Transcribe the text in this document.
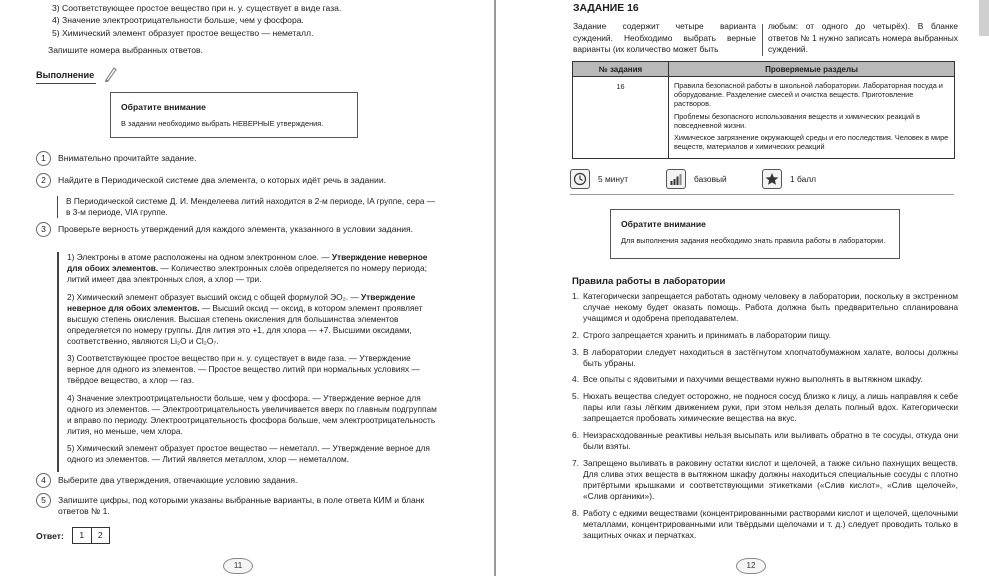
3) Соответствующее простое вещество при н. у. существует в виде газа.
4) Значение электроотрицательности больше, чем у фосфора.
5) Химический элемент образует простое вещество — неметалл.
Запишите номера выбранных ответов.
Выполнение
Обратите внимание
В задании необходимо выбрать НЕВЕРНЫЕ утверждения.
1	Внимательно прочитайте задание.
2	Найдите в Периодической системе два элемента, о которых идёт речь в задании.
В Периодической системе Д. И. Менделеева литий находится в 2-м периоде, IA группе, сера — в 3-м периоде, VIA группе.
3	Проверьте верность утверждений для каждого элемента, указанного в условии задания.

1) Электроны в атоме расположены на одном электронном слое. — Утверждение неверное для обоих элементов. — Количество электронных слоёв определяется по номеру периода; литий имеет два электронных слоя, а хлор — три.

2) Химический элемент образует высший оксид с общей формулой ЭО₂. — Утверждение неверное для обоих элементов. — Высший оксид — оксид, в котором элемент проявляет высшую степень окисления. Высшая степень окисления для большинства элементов определяется по номеру группы. Для лития это +1, для хлора — +7. Высшими оксидами, соответственно, являются Li₂O и Cl₂O₇.

3) Соответствующее простое вещество при н. у. существует в виде газа. — Утверждение верное для одного из элементов. — Простое вещество литий при нормальных условиях — твёрдое вещество, а хлор — газ.

4) Значение электроотрицательности больше, чем у фосфора. — Утверждение верное для одного из элементов. — Электроотрицательность увеличивается вверх по главным подгруппам и вправо по периоду. Электроотрицательность фосфора больше, чем электроотрицательность лития, но меньше, чем хлора.

5) Химический элемент образует простое вещество — неметалл. — Утверждение верное для одного из элементов. — Литий является металлом, хлор — неметаллом.

4	Выберите два утверждения, отвечающие условию задания.
5	Запишите цифры, под которыми указаны выбранные варианты, в поле ответа КИМ и бланк ответов № 1.
Ответ:	1	2
11
ЗАДАНИЕ 16
Задание содержит четыре варианта суждений. Необходимо выбрать верные варианты (их количество может быть
любым: от одного до четырёх). В бланке ответов № 1 нужно записать номера выбранных суждений.
№ задания	Проверяемые разделы
16	Правила безопасной работы в школьной лаборатории. Лабораторная посуда и оборудование. Разделение смесей и очистка веществ. Приготовление растворов.
Проблемы безопасного использования веществ и химических реакций в повседневной жизни.
Химическое загрязнение окружающей среды и его последствия. Человек в мире веществ, материалов и химических реакций
5 минут	базовый	1 балл
Обратите внимание
Для выполнения задания необходимо знать правила работы в лаборатории.
Правила работы в лаборатории
1. Категорически запрещается работать одному человеку в лаборатории, поскольку в экстренном случае некому будет оказать помощь. Работа должна быть предварительно спланирована учащимся и одобрена преподавателем.
2. Строго запрещается хранить и принимать в лаборатории пищу.
3. В лаборатории следует находиться в застёгнутом хлопчатобумажном халате, волосы должны быть убраны.
4. Все опыты с ядовитыми и пахучими веществами нужно выполнять в вытяжном шкафу.
5. Нюхать вещества следует осторожно, не поднося сосуд близко к лицу, а лишь направляя к себе пары или газы лёгким движением руки, при этом нельзя делать полный вдох. Категорически запрещается пробовать химические вещества на вкус.
6. Неизрасходованные реактивы нельзя высыпать или выливать обратно в те сосуды, откуда они были взяты.
7. Запрещено выливать в раковину остатки кислот и щелочей, а также сильно пахнущих веществ. Для слива этих веществ в вытяжном шкафу должны находиться специальные сосуды с плотно притёртыми крышками и соответствующими этикетками («Слив кислот», «Слив щелочей», «Слив органики»).
8. Работу с едкими веществами (концентрированными растворами кислот и щелочей, щелочными металлами, концентрированными или твёрдыми щелочами и т. д.) следует проводить только в защитных очках и перчатках.
12
